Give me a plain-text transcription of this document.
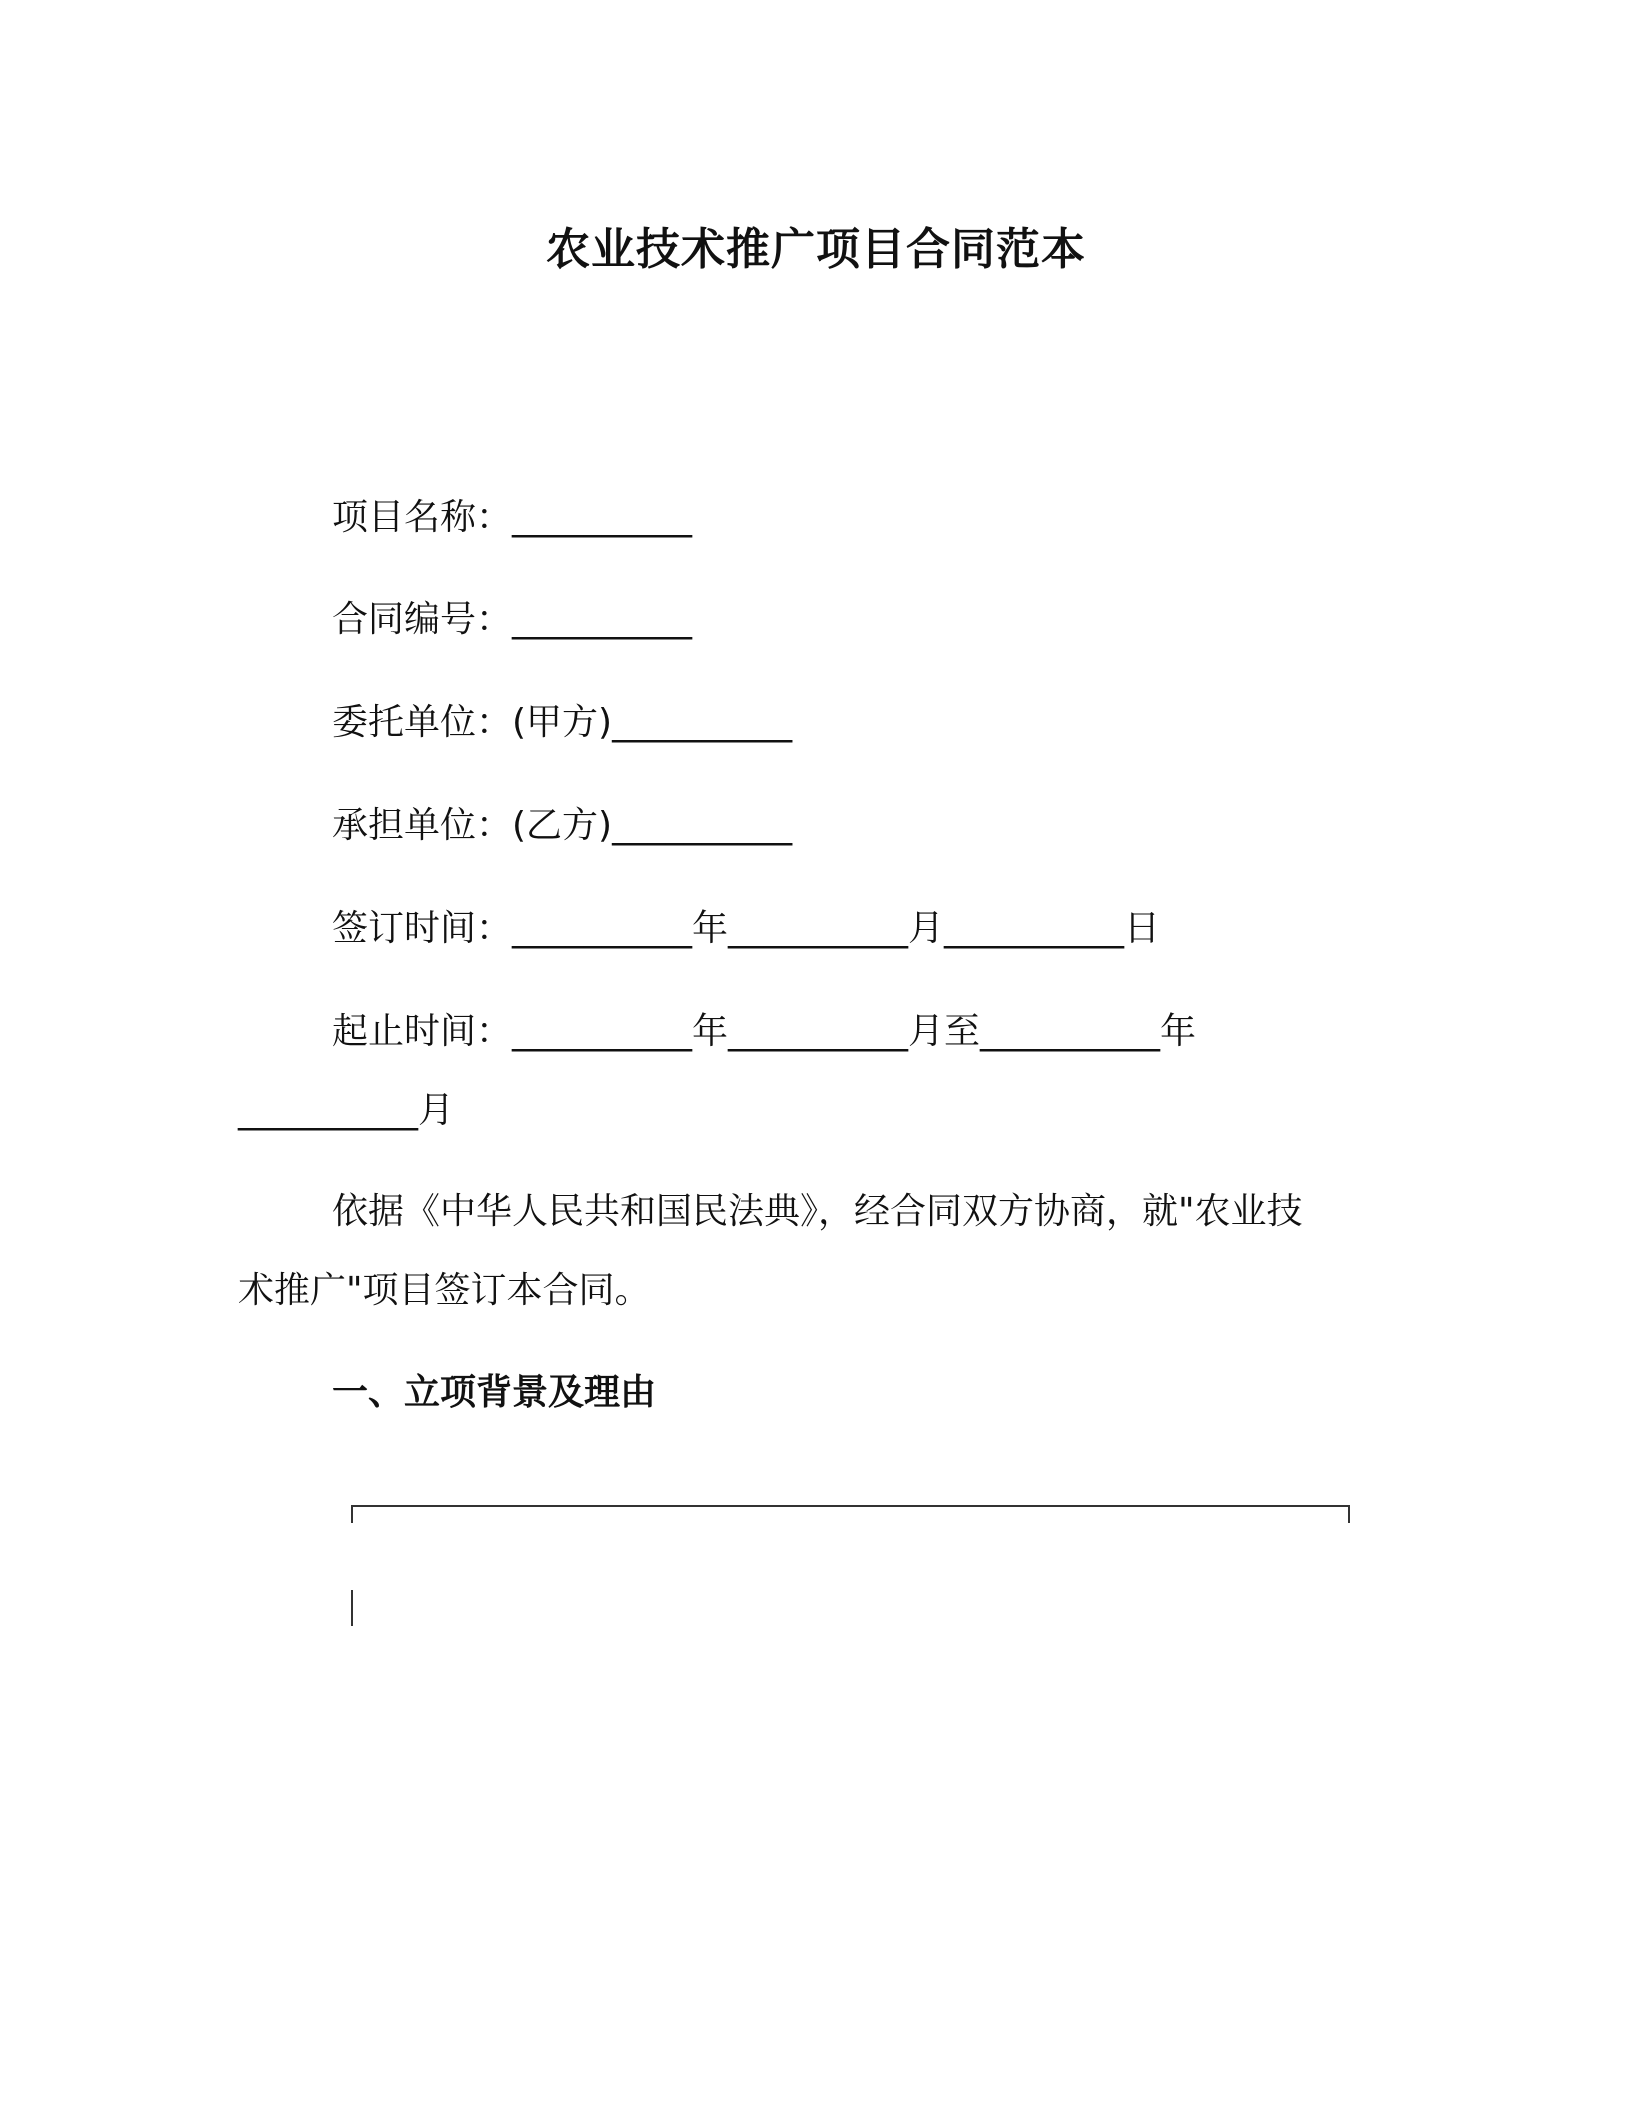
农业技术推广项目合同范本
项目名称：__________
合同编号：__________
委托单位：(甲方)__________
承担单位：(乙方)__________
签订时间：__________年__________月__________日
起止时间：__________年__________月至__________年
__________月
依据《中华人民共和国民法典》，经合同双方协商，就"农业技
术推广"项目签订本合同。
一、立项背景及理由
